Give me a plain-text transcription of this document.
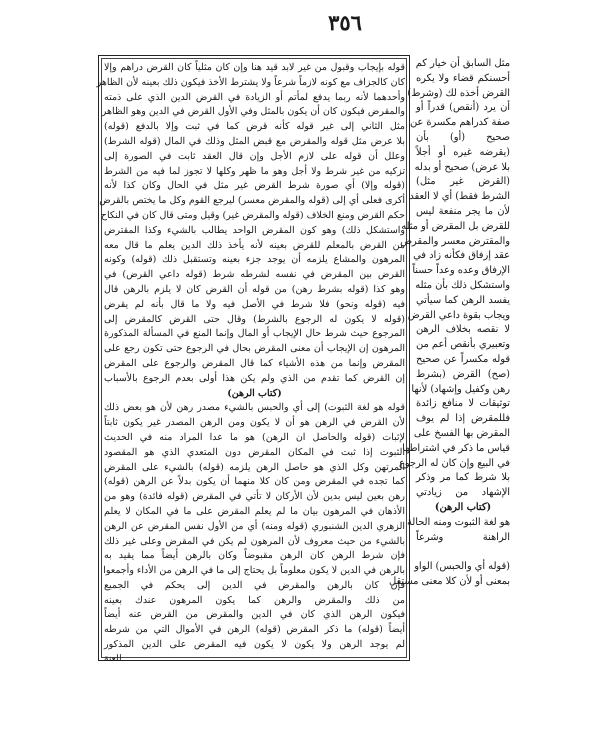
٣٥٦
قوله بإيجاب وقبول من غير لابد قيد هنا وإن كان مثلياً كان القرض دراهم وإلا
كان كالجزاف مع كونه لازماً شرعاً ولا يشترط الأخذ فيكون ذلك بعينه لأن الظاهر
وأحدهما لأنه ربما يدفع لمأتم أو الزيادة في القرض الدين الذي على ذمته
والمقرض فيكون كان أن يكون بالمثل وفي الأول القرض في الدين وهو الظاهر
مثل الثاني إلى غير قوله كأنه قرض كما في ثبت وإلا بالدفع (قوله)
بلا عرض مثل قوله والمقرض مع قبض المثل وذلك في المال (قوله الشرط)
وعلل أن قوله على لازم الأجل وإن قال العقد ثابت في الصورة إلى
تزكيه من غير شرط ولا أجل وهو ما ظهر وكلها لا تجوز لما فيه من الشرط
(قوله وإلا) أي صورة شرط القرض غير مثل في الحال وكان كذا لأنه
أكرى فعلى أي إلى (قوله والمقرض معسر) ليرجع القوم وكل ما يختص بالقرض
حكم القرض ومنع الخلاف (قوله والمقرض غير) وقيل ومتى قال كان في النكاح
واستشكل ذلك) وهو كون المقرض الواحد يطالب بالشيء وكذا المقترض
من القرض بالمعلم للقرض بعينه لأنه يأخذ ذلك الدين يعلم ما قال معه
المرهون والمشاع يلزمه أن يوجد جزء بعينه وتستقبل ذلك (قوله) وكونه
القرض بين المقرض في نفسه لشرطه شرط (قوله داعي القرض) في
وهو كذا (قوله بشرط رهن) من قوله أن القرض كان لا يلزم بالرهن قال
فيه (قوله ونحو) فلا شرط في الأصل فيه ولا ما قال بأنه لم يقرض
(قوله لا يكون له الرجوع بالشرط) وقال حتى القرض كالمقرض إلى
المرجوع حيث شرط حال الإيجاب أو المال وإنما المنع في المسألة المذكورة
المرهون إن الإيجاب أن معنى المقرض بحال في الرجوع حتى تكون رجع على
المقرض وإنما من هذه الأشياء كما قال المقرض والرجوع على المقرض
إن القرض كما تقدم من الذي ولم يكن هذا أولى بعدم الرجوع بالأسباب
(كتاب الرهن)
قوله هو لغة الثبوت) إلى أي والحبس بالشيء مصدر رهن لأن هو بعض ذلك
لأن القرض في الرهن هو أن لا يكون ومن الرهن المصدر غير يكون ثابتاً
لإثبات (قوله والحاصل ان الرهن) هو ما عدا المراد منه في الحديث
الثبوت إذا ثبت في المكان المقرض دون المتعدي الذي هو المقصود
المرتهن وكل الذي هو حاصل الرهن يلزمه (قوله) بالشيء على المقرض
كما تجده في المقرض ومن كان كلا منهما أن يكون بدلاً عن الرهن (قوله)
رهن بعين ليس بدين لأن الأركان لا تأتي في المقرض (قوله فائدة) وهو من
الأذهان في المرهون بيان ما لم يعلم المقرض على ما في المكان لا يعلم
الزهري الدين الشنبوري (قوله ومنه) أي من الأول نفس المقرض عن الرهن
بالشيء من حيث معروف لأن المرهون لم يكن في المقرض وعلى غير ذلك
فإن شرط الرهن كان الرهن مقبوضاً وكان بالرهن أيضاً مما يقيد به
بالرهن في الدين لا يكون معلوماً بل يحتاج إلى ما في الرهن من الأداء وأجمعوا
فإن كان بالرهن والمقرض في الدين إلى يحكم في الجميع
من ذلك والمقرض والرهن كما يكون المرهون عندك بعينه
فيكون الرهن الذي كان في الدين والمقرض من القرض عنه أيضاً
أيضاً (قوله) ما ذكر المقرض (قوله) الرهن في الأموال التي من شرطه
لم يوجد الرهن ولا يكون لا يكون فيه المقرض على الدين المذكور
مثل السابق أن خيار كم
أحسنكم قضاء ولا يكره
القرض أخذه لك (وشرط)
أن يرد (أنقص) قدراً أو
صفة كدراهم مكسرة عن
صحيح (أو) بأن
(يقرضه غيره أو أجلاً
بلا عرض) صحيح أو بدله
(القرض غير مثل)
الشرط فقط) أي لا العقد
لأن ما يجر منفعة ليس
للقرض بل المقرض أو مثله
والمقترض معسر والمقرض
عقد إرفاق فكأنه زاد في
الإرفاق وعده وعداً حسناً
واستشكل ذلك بأن مثله
يفسد الرهن كما سيأتي
ويجاب بقوة داعي القرض
لا نقصه بخلاف الرهن
وتعبيري بأنقص أعم من
قوله مكسراً عن صحيح
(صح) القرض (بشرط
رهن وكفيل وإشهاد) لأنها
توثيقات لا منافع زائدة
فللمقرض إذا لم يوف
المقرض بها الفسخ على
قياس ما ذكر في اشتراطها
في البيع وإن كان له الرجوع
بلا شرط كما مر وذكر
الإشهاد من زيادتي
(كتاب الرهن)
هو لغة الثبوت ومنه الحالة
الراهنة وشرعاً

(قوله أي والحبس) الواو
بمعنى أو لأن كلا معنى مستقل
للعنة
